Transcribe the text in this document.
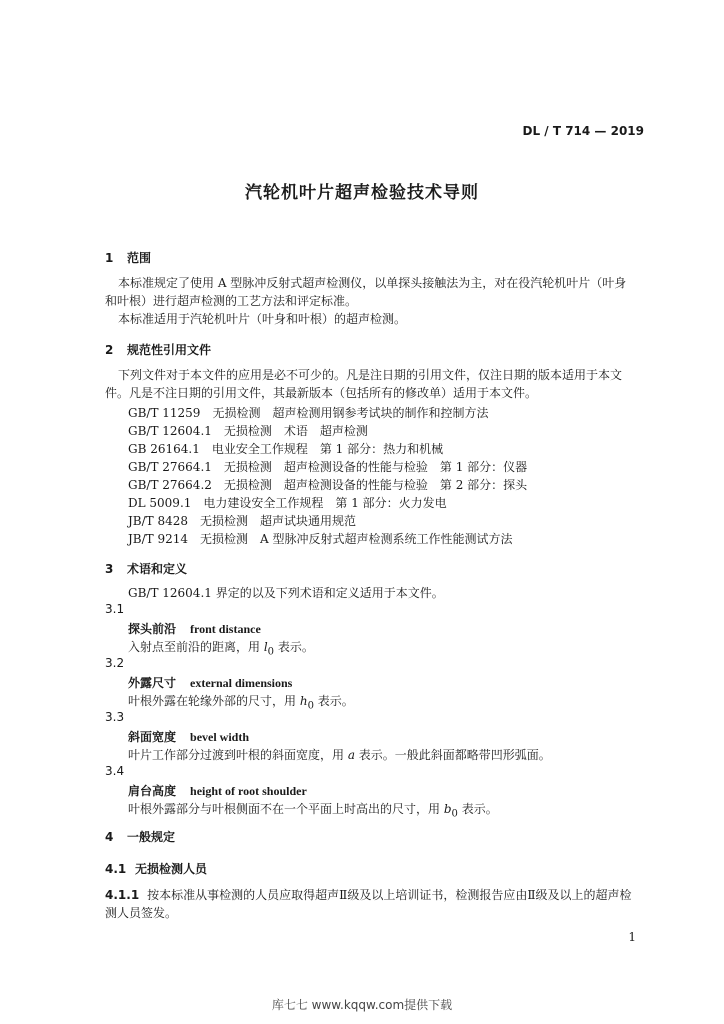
DL / T 714 — 2019
汽轮机叶片超声检验技术导则
1 范围
本标准规定了使用 A 型脉冲反射式超声检测仪，以单探头接触法为主，对在役汽轮机叶片（叶身
和叶根）进行超声检测的工艺方法和评定标准。
本标准适用于汽轮机叶片（叶身和叶根）的超声检测。
2 规范性引用文件
下列文件对于本文件的应用是必不可少的。凡是注日期的引用文件，仅注日期的版本适用于本文
件。凡是不注日期的引用文件，其最新版本（包括所有的修改单）适用于本文件。
GB/T 11259　无损检测　超声检测用钢参考试块的制作和控制方法
GB/T 12604.1　无损检测　术语　超声检测
GB 26164.1　电业安全工作规程　第 1 部分：热力和机械
GB/T 27664.1　无损检测　超声检测设备的性能与检验　第 1 部分：仪器
GB/T 27664.2　无损检测　超声检测设备的性能与检验　第 2 部分：探头
DL 5009.1　电力建设安全工作规程　第 1 部分：火力发电
JB/T 8428　无损检测　超声试块通用规范
JB/T 9214　无损检测　A 型脉冲反射式超声检测系统工作性能测试方法
3 术语和定义
GB/T 12604.1 界定的以及下列术语和定义适用于本文件。
3.1
探头前沿 front distance
入射点至前沿的距离，用 $l_0$ 表示。
3.2
外露尺寸 external dimensions
叶根外露在轮缘外部的尺寸，用 $h_0$ 表示。
3.3
斜面宽度 bevel width
叶片工作部分过渡到叶根的斜面宽度，用 a 表示。一般此斜面都略带凹形弧面。
3.4
肩台高度 height of root shoulder
叶根外露部分与叶根侧面不在一个平面上时高出的尺寸，用 $b_0$ 表示。
4 一般规定
4.1 无损检测人员
4.1.1 按本标准从事检测的人员应取得超声Ⅱ级及以上培训证书，检测报告应由Ⅱ级及以上的超声检
测人员签发。
1
库七七 www.kqqw.com提供下载
